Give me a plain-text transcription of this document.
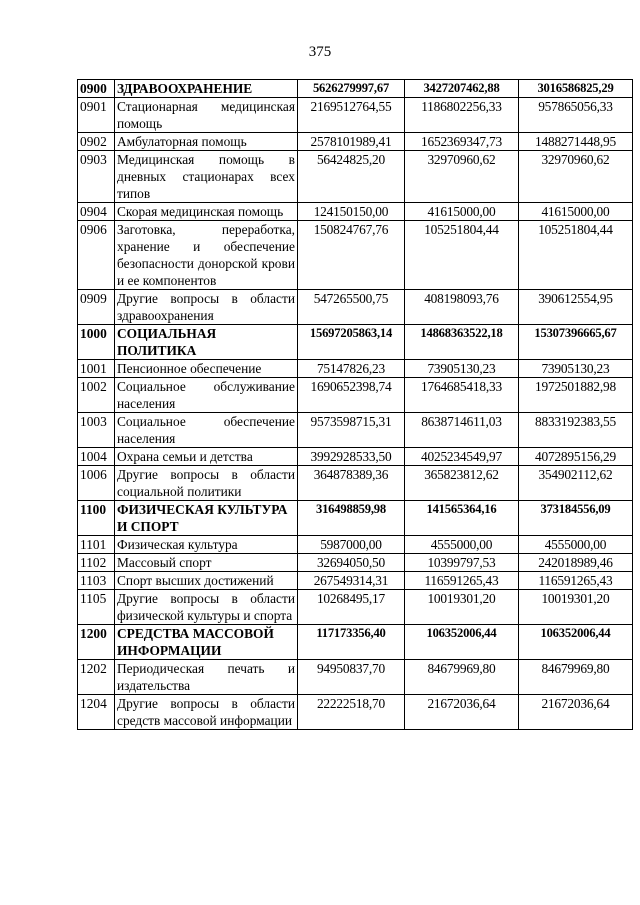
375
0900	ЗДРАВООХРАНЕНИЕ	5626279997,67	3427207462,88	3016586825,29
0901	Стационарная медицинская помощь	2169512764,55	1186802256,33	957865056,33
0902	Амбулаторная помощь	2578101989,41	1652369347,73	1488271448,95
0903	Медицинская помощь в дневных стационарах всех типов	56424825,20	32970960,62	32970960,62
0904	Скорая медицинская помощь	124150150,00	41615000,00	41615000,00
0906	Заготовка, переработка, хранение и обеспечение безопасности донорской крови и ее компонентов	150824767,76	105251804,44	105251804,44
0909	Другие вопросы в области здравоохранения	547265500,75	408198093,76	390612554,95
1000	СОЦИАЛЬНАЯ ПОЛИТИКА	15697205863,14	14868363522,18	15307396665,67
1001	Пенсионное обеспечение	75147826,23	73905130,23	73905130,23
1002	Социальное обслуживание населения	1690652398,74	1764685418,33	1972501882,98
1003	Социальное обеспечение населения	9573598715,31	8638714611,03	8833192383,55
1004	Охрана семьи и детства	3992928533,50	4025234549,97	4072895156,29
1006	Другие вопросы в области социальной политики	364878389,36	365823812,62	354902112,62
1100	ФИЗИЧЕСКАЯ КУЛЬТУРА И СПОРТ	316498859,98	141565364,16	373184556,09
1101	Физическая культура	5987000,00	4555000,00	4555000,00
1102	Массовый спорт	32694050,50	10399797,53	242018989,46
1103	Спорт высших достижений	267549314,31	116591265,43	116591265,43
1105	Другие вопросы в области физической культуры и спорта	10268495,17	10019301,20	10019301,20
1200	СРЕДСТВА МАССОВОЙ ИНФОРМАЦИИ	117173356,40	106352006,44	106352006,44
1202	Периодическая печать и издательства	94950837,70	84679969,80	84679969,80
1204	Другие вопросы в области средств массовой информации	22222518,70	21672036,64	21672036,64
